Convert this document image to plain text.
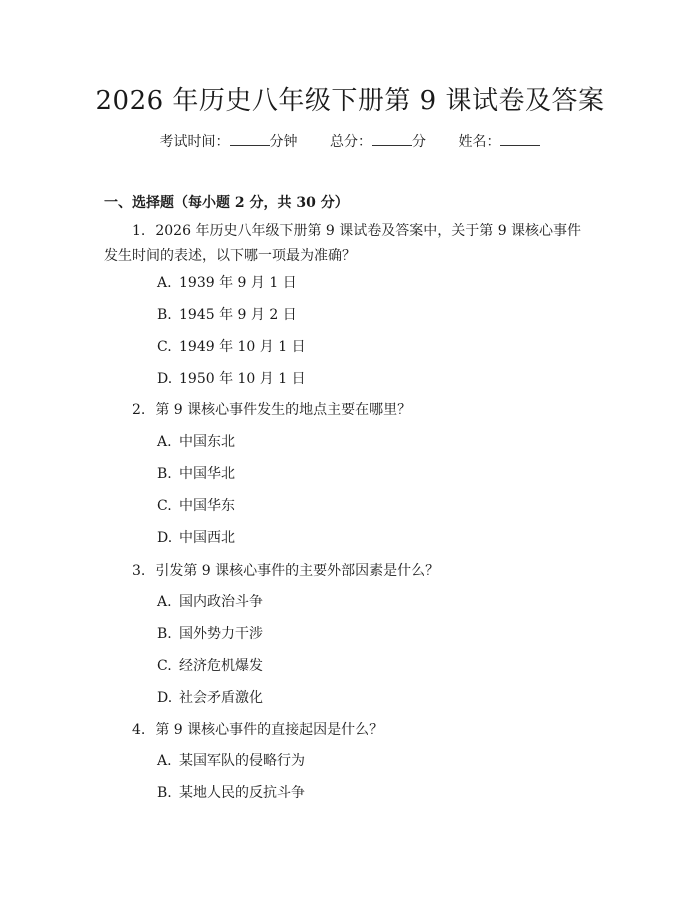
2026 年历史八年级下册第 9 课试卷及答案
考试时间：	分钟 总分：	分 姓名：
一、选择题（每小题 2 分，共 30 分）
1. 2026 年历史八年级下册第 9 课试卷及答案中，关于第 9 课核心事件发生时间的表述，以下哪一项最为准确？
A. 1939 年 9 月 1 日
B. 1945 年 9 月 2 日
C. 1949 年 10 月 1 日
D. 1950 年 10 月 1 日
2. 第 9 课核心事件发生的地点主要在哪里？
A. 中国东北
B. 中国华北
C. 中国华东
D. 中国西北
3. 引发第 9 课核心事件的主要外部因素是什么？
A. 国内政治斗争
B. 国外势力干涉
C. 经济危机爆发
D. 社会矛盾激化
4. 第 9 课核心事件的直接起因是什么？
A. 某国军队的侵略行为
B. 某地人民的反抗斗争
